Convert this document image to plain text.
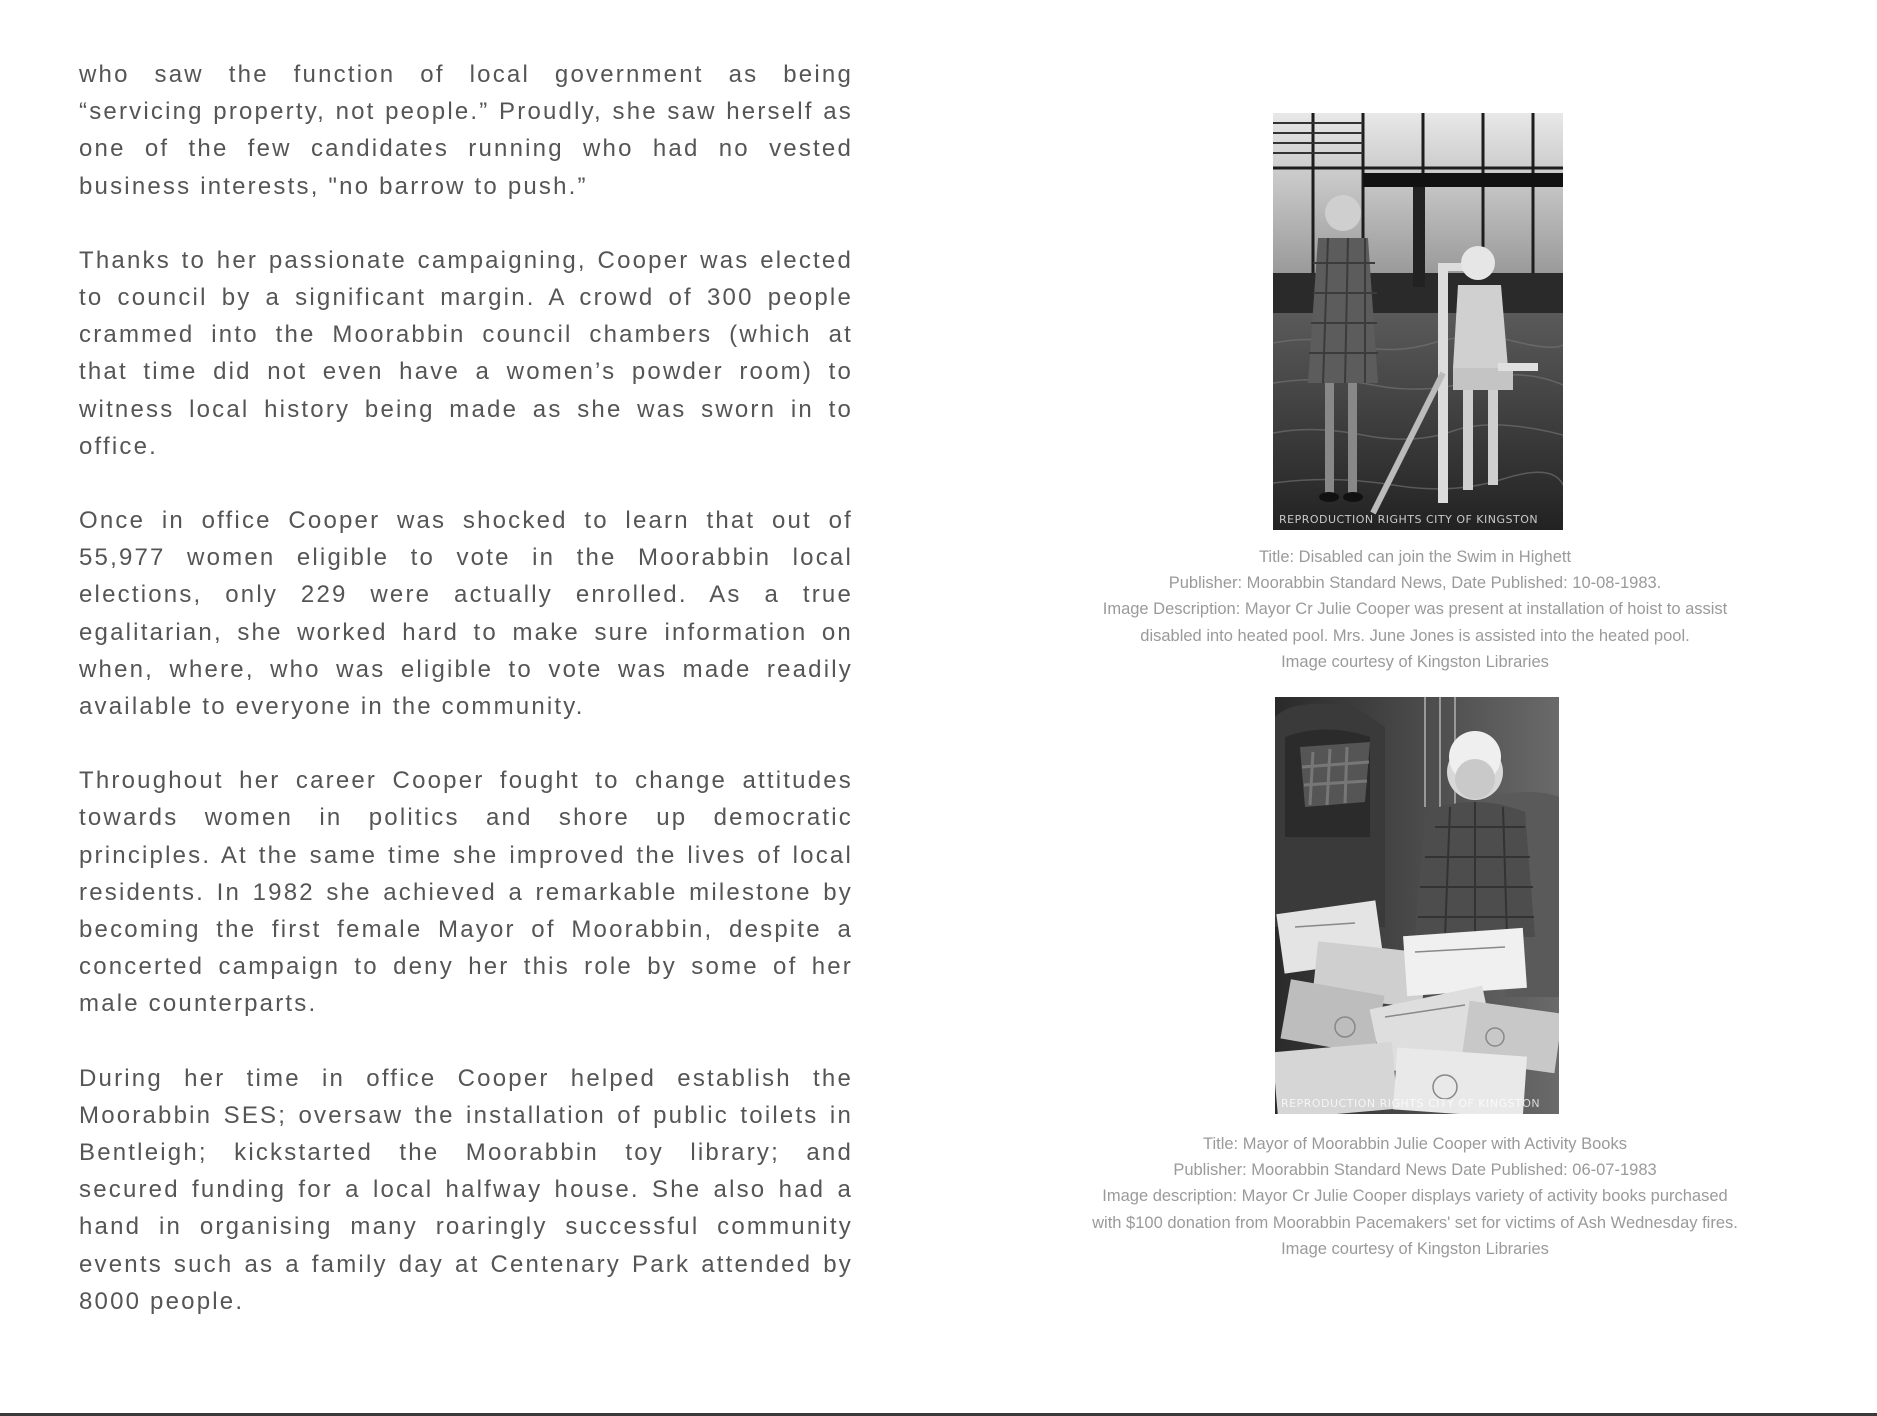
who saw the function of local government as being “servicing property, not people.” Proudly, she saw herself as one of the few candidates running who had no vested business interests, "no barrow to push.”

Thanks to her passionate campaigning, Cooper was elected to council by a significant margin. A crowd of 300 people crammed into the Moorabbin council chambers (which at that time did not even have a women’s powder room) to witness local history being made as she was sworn in to office.

Once in office Cooper was shocked to learn that out of 55,977 women eligible to vote in the Moorabbin local elections, only 229 were actually enrolled. As a true egalitarian, she worked hard to make sure information on when, where, who was eligible to vote was made readily available to everyone in the community.

Throughout her career Cooper fought to change attitudes towards women in politics and shore up democratic principles. At the same time she improved the lives of local residents. In 1982 she achieved a remarkable milestone by becoming the first female Mayor of Moorabbin, despite a concerted campaign to deny her this role by some of her male counterparts.

During her time in office Cooper helped establish the Moorabbin SES; oversaw the installation of public toilets in Bentleigh; kickstarted the Moorabbin toy library; and secured funding for a local halfway house. She also had a hand in organising many roaringly successful community events such as a family day at Centenary Park attended by 8000 people.

REPRODUCTION RIGHTS CITY OF KINGSTON
Title: Disabled can join the Swim in Highett
Publisher: Moorabbin Standard News, Date Published: 10-08-1983.
Image Description: Mayor Cr Julie Cooper was present at installation of hoist to assist
disabled into heated pool. Mrs. June Jones is assisted into the heated pool.
Image courtesy of Kingston Libraries
REPRODUCTION RIGHTS CITY OF KINGSTON
Title: Mayor of Moorabbin Julie Cooper with Activity Books
Publisher: Moorabbin Standard News Date Published: 06-07-1983
Image description: Mayor Cr Julie Cooper displays variety of activity books purchased
with $100 donation from Moorabbin Pacemakers' set for victims of Ash Wednesday fires.
Image courtesy of Kingston Libraries
